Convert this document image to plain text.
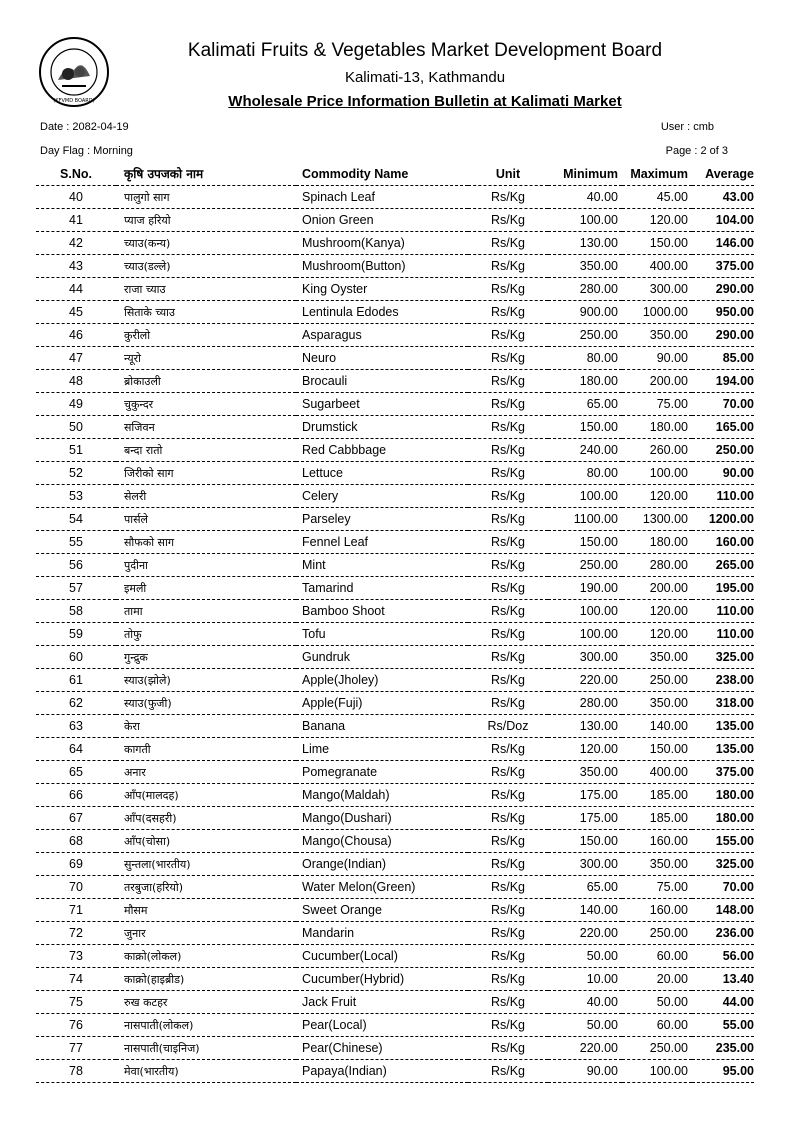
(KFVMD BOARD)
Kalimati Fruits & Vegetables Market Development Board
Kalimati-13, Kathmandu
Wholesale Price Information Bulletin at Kalimati Market
Date : 2082-04-19	User : cmb
Day Flag : Morning	Page : 2 of 3
S.No.	कृषि उपजको नाम	Commodity Name	Unit	Minimum	Maximum	Average
40	पालुगो साग	Spinach Leaf	Rs/Kg	40.00	45.00	43.00
41	प्याज हरियो	Onion Green	Rs/Kg	100.00	120.00	104.00
42	च्याउ(कन्य)	Mushroom(Kanya)	Rs/Kg	130.00	150.00	146.00
43	च्याउ(डल्ले)	Mushroom(Button)	Rs/Kg	350.00	400.00	375.00
44	राजा च्याउ	King Oyster	Rs/Kg	280.00	300.00	290.00
45	सिताके च्याउ	Lentinula Edodes	Rs/Kg	900.00	1000.00	950.00
46	कुरीलो	Asparagus	Rs/Kg	250.00	350.00	290.00
47	न्यूरो	Neuro	Rs/Kg	80.00	90.00	85.00
48	ब्रोकाउली	Brocauli	Rs/Kg	180.00	200.00	194.00
49	चुकुन्दर	Sugarbeet	Rs/Kg	65.00	75.00	70.00
50	सजिवन	Drumstick	Rs/Kg	150.00	180.00	165.00
51	बन्दा रातो	Red Cabbbage	Rs/Kg	240.00	260.00	250.00
52	जिरीको साग	Lettuce	Rs/Kg	80.00	100.00	90.00
53	सेलरी	Celery	Rs/Kg	100.00	120.00	110.00
54	पार्सले	Parseley	Rs/Kg	1100.00	1300.00	1200.00
55	सौफको साग	Fennel Leaf	Rs/Kg	150.00	180.00	160.00
56	पुदीना	Mint	Rs/Kg	250.00	280.00	265.00
57	इमली	Tamarind	Rs/Kg	190.00	200.00	195.00
58	तामा	Bamboo Shoot	Rs/Kg	100.00	120.00	110.00
59	तोफु	Tofu	Rs/Kg	100.00	120.00	110.00
60	गुन्द्रुक	Gundruk	Rs/Kg	300.00	350.00	325.00
61	स्याउ(झोले)	Apple(Jholey)	Rs/Kg	220.00	250.00	238.00
62	स्याउ(फुजी)	Apple(Fuji)	Rs/Kg	280.00	350.00	318.00
63	केरा	Banana	Rs/Doz	130.00	140.00	135.00
64	कागती	Lime	Rs/Kg	120.00	150.00	135.00
65	अनार	Pomegranate	Rs/Kg	350.00	400.00	375.00
66	आँप(मालदह)	Mango(Maldah)	Rs/Kg	175.00	185.00	180.00
67	आँप(दसहरी)	Mango(Dushari)	Rs/Kg	175.00	185.00	180.00
68	आँप(चोसा)	Mango(Chousa)	Rs/Kg	150.00	160.00	155.00
69	सुन्तला(भारतीय)	Orange(Indian)	Rs/Kg	300.00	350.00	325.00
70	तरबुजा(हरियो)	Water Melon(Green)	Rs/Kg	65.00	75.00	70.00
71	मौसम	Sweet Orange	Rs/Kg	140.00	160.00	148.00
72	जुनार	Mandarin	Rs/Kg	220.00	250.00	236.00
73	काक्रो(लोकल)	Cucumber(Local)	Rs/Kg	50.00	60.00	56.00
74	काक्रो(हाइब्रीड)	Cucumber(Hybrid)	Rs/Kg	10.00	20.00	13.40
75	रुख कटहर	Jack Fruit	Rs/Kg	40.00	50.00	44.00
76	नासपाती(लोकल)	Pear(Local)	Rs/Kg	50.00	60.00	55.00
77	नासपाती(चाइनिज)	Pear(Chinese)	Rs/Kg	220.00	250.00	235.00
78	मेवा(भारतीय)	Papaya(Indian)	Rs/Kg	90.00	100.00	95.00
